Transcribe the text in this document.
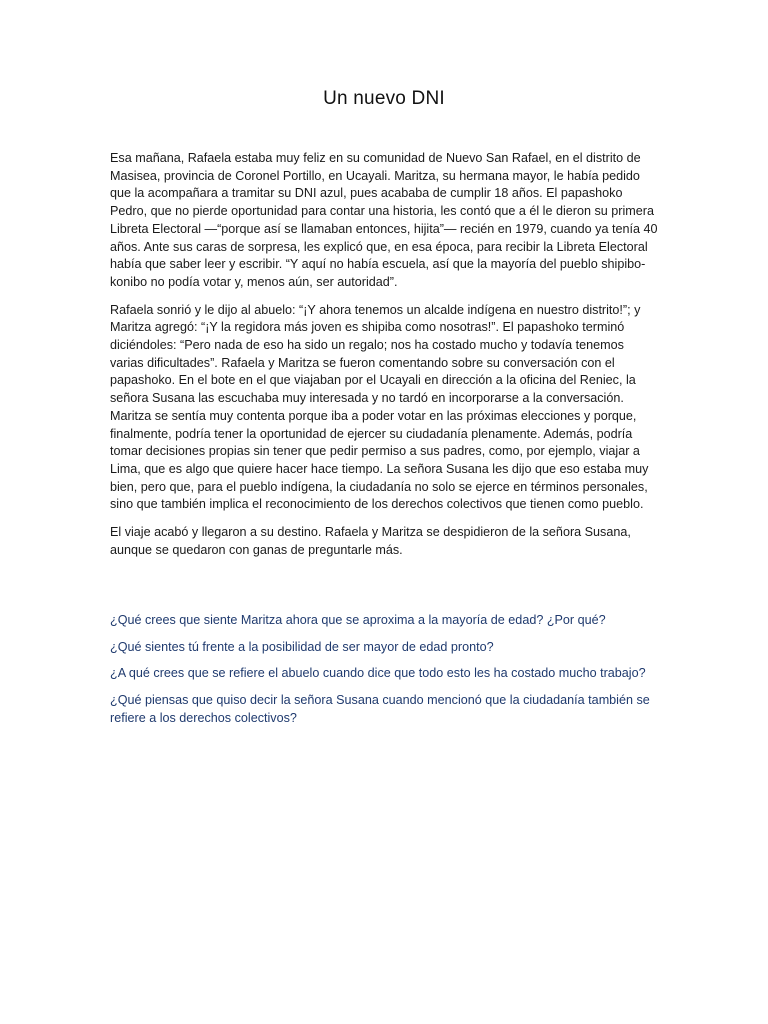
Un nuevo DNI

Esa mañana, Rafaela estaba muy feliz en su comunidad de Nuevo San Rafael, en el distrito de Masisea, provincia de Coronel Portillo, en Ucayali. Maritza, su hermana mayor, le había pedido que la acompañara a tramitar su DNI azul, pues acababa de cumplir 18 años. El papashoko Pedro, que no pierde oportunidad para contar una historia, les contó que a él le dieron su primera Libreta Electoral —“porque así se llamaban entonces, hijita”— recién en 1979, cuando ya tenía 40 años. Ante sus caras de sorpresa, les explicó que, en esa época, para recibir la Libreta Electoral había que saber leer y escribir. “Y aquí no había escuela, así que la mayoría del pueblo shipibo-konibo no podía votar y, menos aún, ser autoridad”.

Rafaela sonrió y le dijo al abuelo: “¡Y ahora tenemos un alcalde indígena en nuestro distrito!”; y Maritza agregó: “¡Y la regidora más joven es shipiba como nosotras!”. El papashoko terminó diciéndoles: “Pero nada de eso ha sido un regalo; nos ha costado mucho y todavía tenemos varias dificultades”. Rafaela y Maritza se fueron comentando sobre su conversación con el papashoko. En el bote en el que viajaban por el Ucayali en dirección a la oficina del Reniec, la señora Susana las escuchaba muy interesada y no tardó en incorporarse a la conversación. Maritza se sentía muy contenta porque iba a poder votar en las próximas elecciones y porque, finalmente, podría tener la oportunidad de ejercer su ciudadanía plenamente. Además, podría tomar decisiones propias sin tener que pedir permiso a sus padres, como, por ejemplo, viajar a Lima, que es algo que quiere hacer hace tiempo. La señora Susana les dijo que eso estaba muy bien, pero que, para el pueblo indígena, la ciudadanía no solo se ejerce en términos personales, sino que también implica el reconocimiento de los derechos colectivos que tienen como pueblo.

El viaje acabó y llegaron a su destino. Rafaela y Maritza se despidieron de la señora Susana, aunque se quedaron con ganas de preguntarle más.

¿Qué crees que siente Maritza ahora que se aproxima a la mayoría de edad? ¿Por qué?

¿Qué sientes tú frente a la posibilidad de ser mayor de edad pronto?

¿A qué crees que se refiere el abuelo cuando dice que todo esto les ha costado mucho trabajo?

¿Qué piensas que quiso decir la señora Susana cuando mencionó que la ciudadanía también se refiere a los derechos colectivos?
